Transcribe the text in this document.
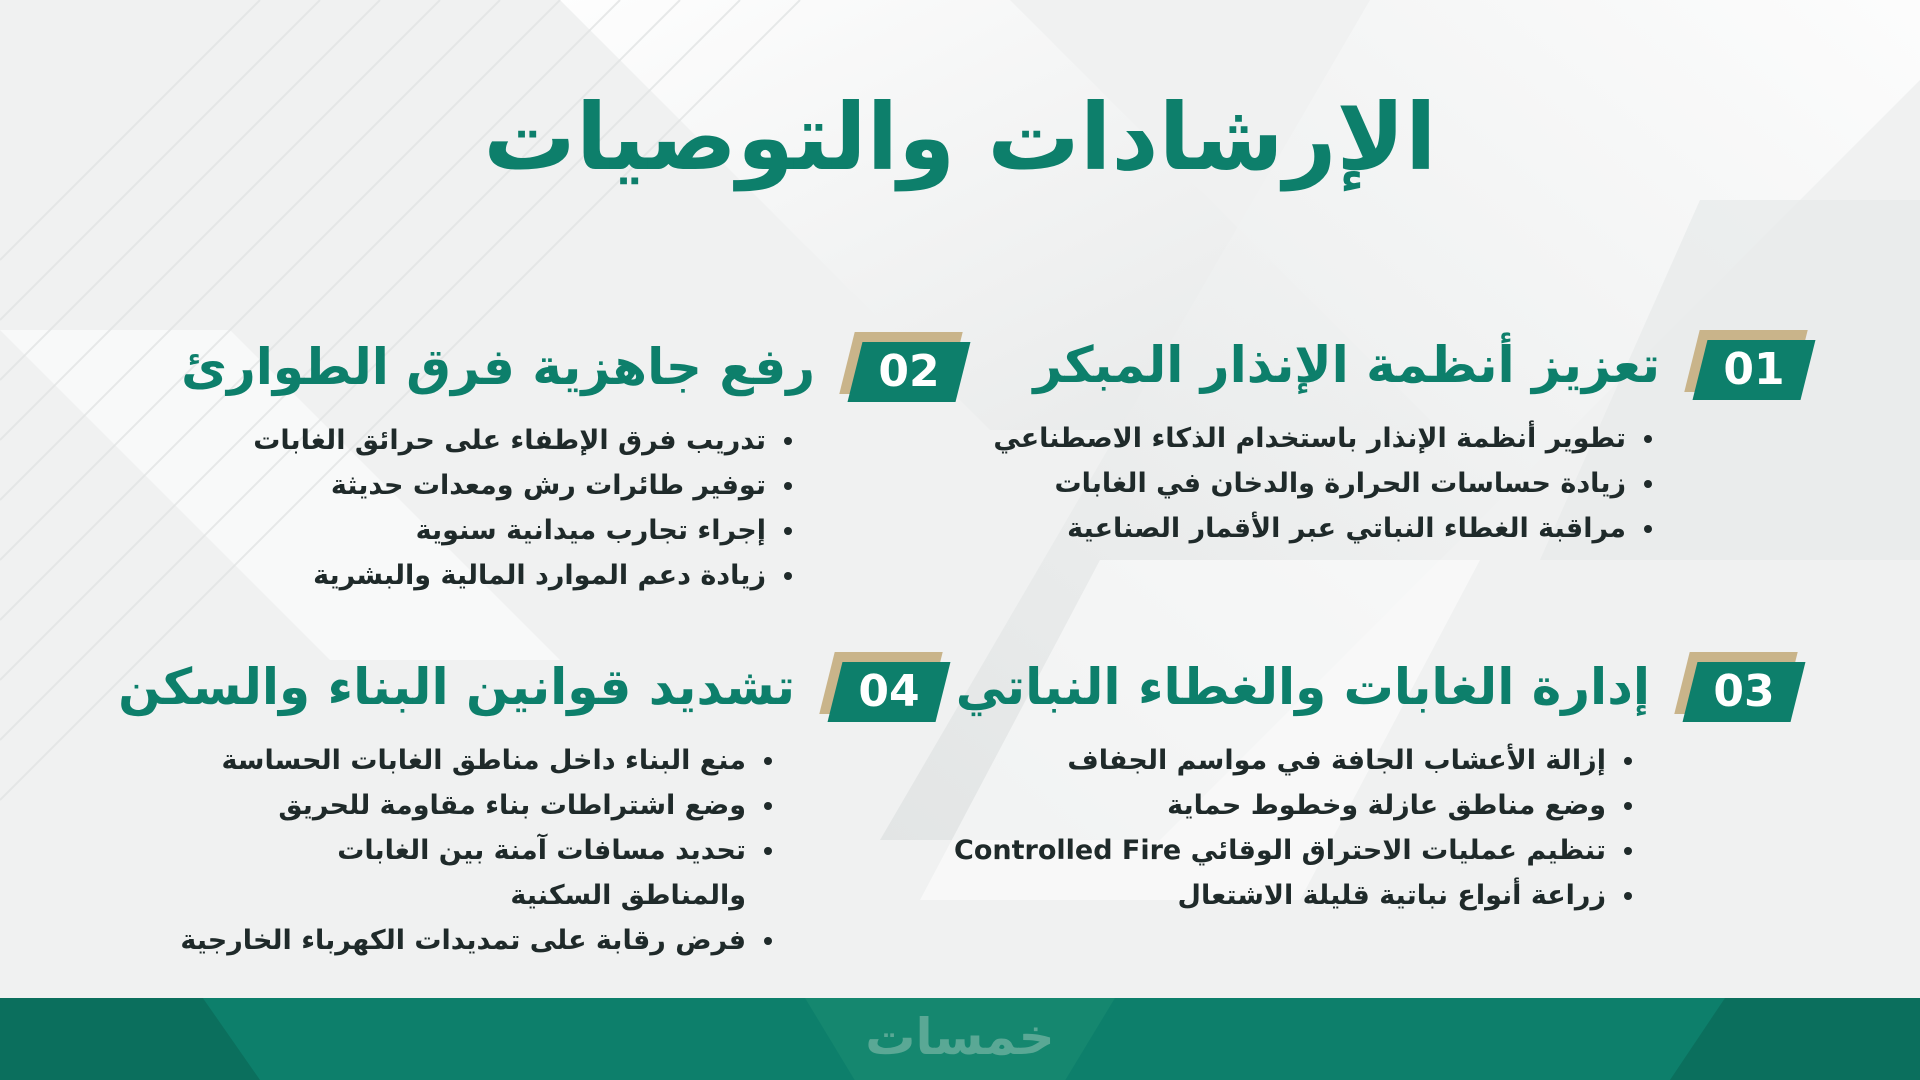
الإرشادات والتوصيات
01
تعزيز أنظمة الإنذار المبكر
تطوير أنظمة الإنذار باستخدام الذكاء الاصطناعي
زيادة حساسات الحرارة والدخان في الغابات
مراقبة الغطاء النباتي عبر الأقمار الصناعية
02
رفع جاهزية فرق الطوارئ
تدريب فرق الإطفاء على حرائق الغابات
توفير طائرات رش ومعدات حديثة
إجراء تجارب ميدانية سنوية
زيادة دعم الموارد المالية والبشرية
03
إدارة الغابات والغطاء النباتي
إزالة الأعشاب الجافة في مواسم الجفاف
وضع مناطق عازلة وخطوط حماية
تنظيم عمليات الاحتراق الوقائي Controlled Fire
زراعة أنواع نباتية قليلة الاشتعال
04
تشديد قوانين البناء والسكن
منع البناء داخل مناطق الغابات الحساسة
وضع اشتراطات بناء مقاومة للحريق
تحديد مسافات آمنة بين الغابات والمناطق السكنية
فرض رقابة على تمديدات الكهرباء الخارجية
خمسات
